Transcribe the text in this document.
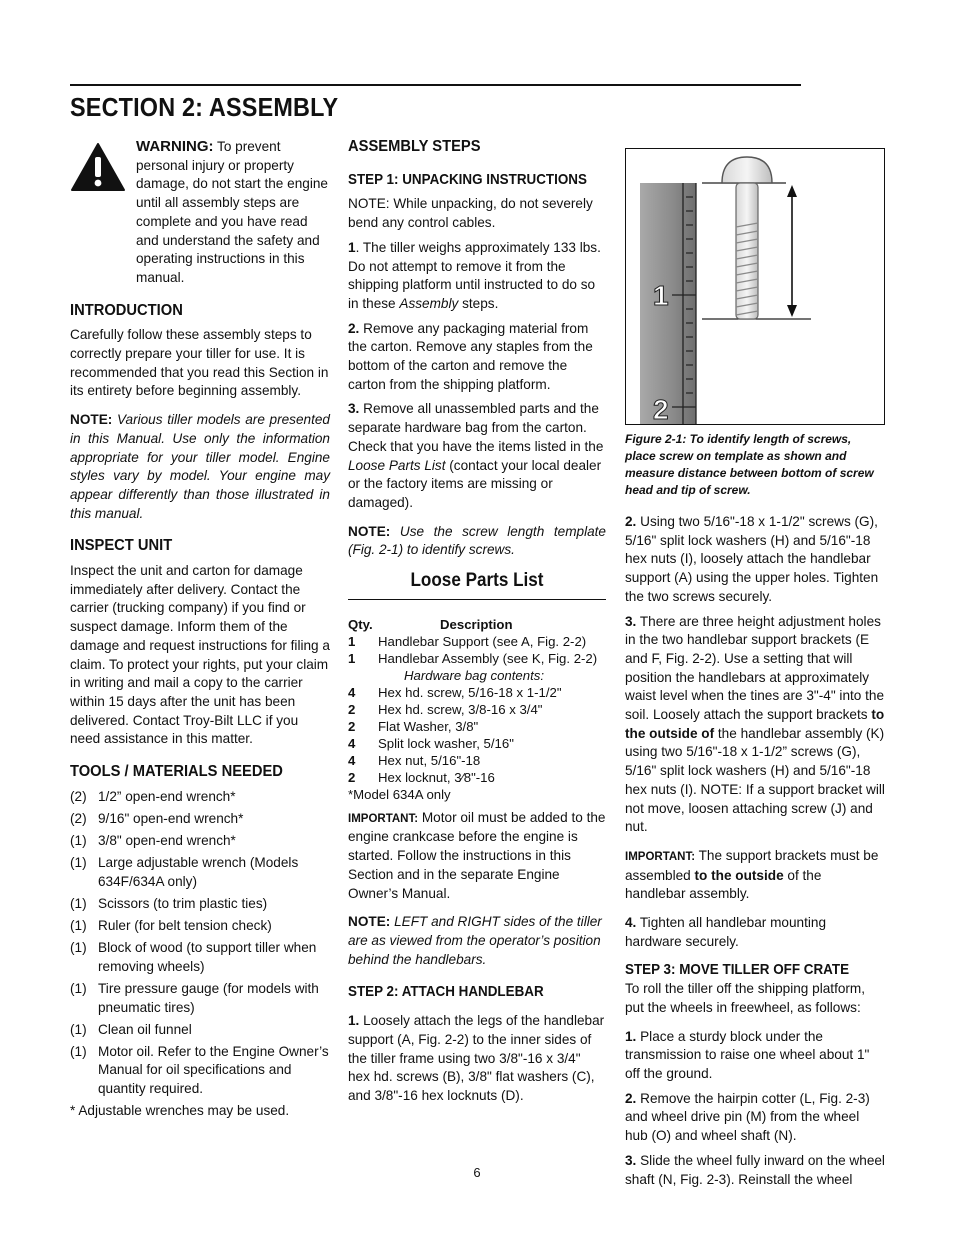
SECTION 2: ASSEMBLY

WARNING: To prevent personal injury or property damage, do not start the engine until all assembly steps are complete and you have read and understand the safety and operating instructions in this manual.

INTRODUCTION

Carefully follow these assembly steps to correctly prepare your tiller for use. It is recommended that you read this Section in its entirety before beginning assembly.

NOTE: Various tiller models are presented in this Manual. Use only the information appropriate for your tiller model. Engine styles vary by model. Your engine may appear differently than those illustrated in this manual.

INSPECT UNIT

Inspect the unit and carton for damage immediately after delivery. Contact the carrier (trucking company) if you find or suspect damage. Inform them of the damage and request instructions for filing a claim. To protect your rights, put your claim in writing and mail a copy to the carrier within 15 days after the unit has been delivered. Contact Troy-Bilt LLC if you need assistance in this matter.

TOOLS / MATERIALS NEEDED
(2) 1/2” open-end wrench*
(2) 9/16" open-end wrench*
(1) 3/8" open-end wrench*
(1) Large adjustable wrench (Models 634F/634A only)
(1) Scissors (to trim plastic ties)
(1) Ruler (for belt tension check)
(1) Block of wood (to support tiller when removing wheels)
(1) Tire pressure gauge (for models with pneumatic tires)
(1) Clean oil funnel
(1) Motor oil. Refer to the Engine Owner’s Manual for oil specifications and quantity required.

* Adjustable wrenches may be used.

ASSEMBLY STEPS
STEP 1: UNPACKING INSTRUCTIONS

NOTE: While unpacking, do not severely bend any control cables.

1. The tiller weighs approximately 133 lbs. Do not attempt to remove it from the shipping platform until instructed to do so in these Assembly steps.

2. Remove any packaging material from the carton. Remove any staples from the bottom of the carton and remove the carton from the shipping platform.

3. Remove all unassembled parts and the separate hardware bag from the carton. Check that you have the items listed in the Loose Parts List (contact your local dealer or the factory items are missing or damaged).

NOTE: Use the screw length template (Fig. 2-1) to identify screws.

Loose Parts List
Qty.	Description
1	Handlebar Support (see A, Fig. 2-2)
1	Handlebar Assembly (see K, Fig. 2-2)
Hardware bag contents:
4	Hex hd. screw, 5/16-18 x 1-1/2"
2	Hex hd. screw, 3/8-16 x 3/4"
2	Flat Washer, 3/8"
4	Split lock washer, 5/16"
4	Hex nut, 5/16"-18
2	Hex locknut, 3⁄8"-16
*Model 634A only

IMPORTANT: Motor oil must be added to the engine crankcase before the engine is started. Follow the instructions in this Section and in the separate Engine Owner’s Manual.

NOTE: LEFT and RIGHT sides of the tiller are as viewed from the operator’s position behind the handlebars.

STEP 2: ATTACH HANDLEBAR

1. Loosely attach the legs of the handlebar support (A, Fig. 2-2) to the inner sides of the tiller frame using two 3/8"-16 x 3/4" hex hd. screws (B), 3/8" flat washers (C), and 3/8"-16 hex locknuts (D).

1
2

Figure 2-1: To identify length of screws, place screw on template as shown and measure distance between bottom of screw head and tip of screw.

2. Using two 5/16"-18 x 1-1/2" screws (G), 5/16" split lock washers (H) and 5/16"-18 hex nuts (I), loosely attach the handlebar support (A) using the upper holes. Tighten the two screws securely.

3. There are three height adjustment holes in the two handlebar support brackets (E and F, Fig. 2-2). Use a setting that will position the handlebars at approximately waist level when the tines are 3"-4" into the soil. Loosely attach the support brackets to the outside of the handlebar assembly (K) using two 5/16"-18 x 1-1/2” screws (G), 5/16" split lock washers (H) and 5/16"-18 hex nuts (I). NOTE: If a support bracket will not move, loosen attaching screw (J) and nut.

IMPORTANT: The support brackets must be assembled to the outside of the handlebar assembly.

4. Tighten all handlebar mounting hardware securely.

STEP 3: MOVE TILLER OFF CRATE

To roll the tiller off the shipping platform, put the wheels in freewheel, as follows:

1. Place a sturdy block under the transmission to raise one wheel about 1" off the ground.

2. Remove the hairpin cotter (L, Fig. 2-3) and wheel drive pin (M) from the wheel hub (O) and wheel shaft (N).

3. Slide the wheel fully inward on the wheel shaft (N, Fig. 2-3). Reinstall the wheel

6
